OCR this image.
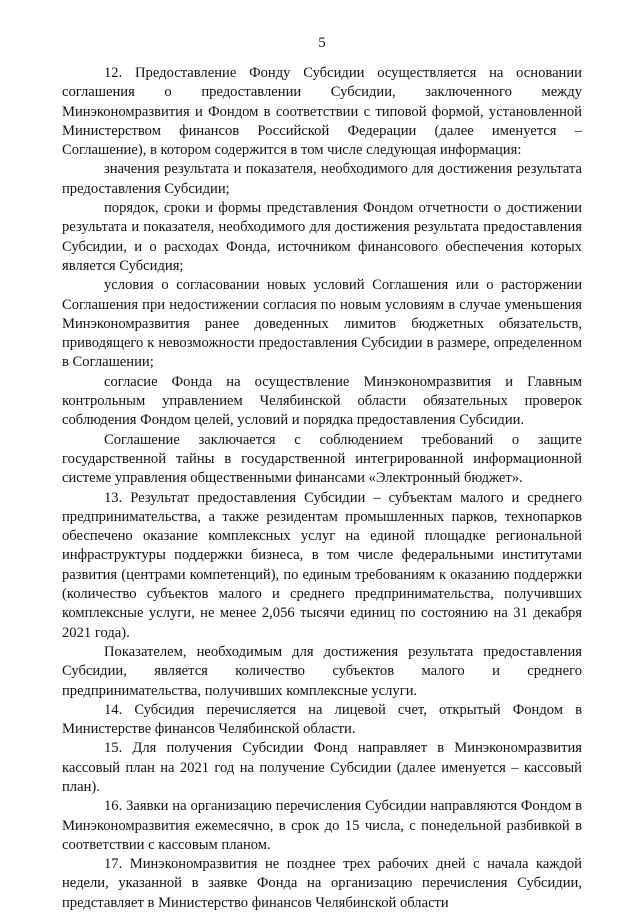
5

12. Предоставление Фонду Субсидии осуществляется на основании соглашения о предоставлении Субсидии, заключенного между Минэкономразвития и Фондом в соответствии с типовой формой, установленной Министерством финансов Российской Федерации (далее именуется – Соглашение), в котором содержится в том числе следующая информация:

значения результата и показателя, необходимого для достижения результата предоставления Субсидии;

порядок, сроки и формы представления Фондом отчетности о достижении результата и показателя, необходимого для достижения результата предоставления Субсидии, и о расходах Фонда, источником финансового обеспечения которых является Субсидия;

условия о согласовании новых условий Соглашения или о расторжении Соглашения при недостижении согласия по новым условиям в случае уменьшения Минэкономразвития ранее доведенных лимитов бюджетных обязательств, приводящего к невозможности предоставления Субсидии в размере, определенном в Соглашении;

согласие Фонда на осуществление Минэкономразвития и Главным контрольным управлением Челябинской области обязательных проверок соблюдения Фондом целей, условий и порядка предоставления Субсидии.

Соглашение заключается с соблюдением требований о защите государственной тайны в государственной интегрированной информационной системе управления общественными финансами «Электронный бюджет».

13. Результат предоставления Субсидии – субъектам малого и среднего предпринимательства, а также резидентам промышленных парков, технопарков обеспечено оказание комплексных услуг на единой площадке региональной инфраструктуры поддержки бизнеса, в том числе федеральными институтами развития (центрами компетенций), по единым требованиям к оказанию поддержки (количество субъектов малого и среднего предпринимательства, получивших комплексные услуги, не менее 2,056 тысячи единиц по состоянию на 31 декабря 2021 года).

Показателем, необходимым для достижения результата предоставления Субсидии, является количество субъектов малого и среднего предпринимательства, получивших комплексные услуги.

14. Субсидия перечисляется на лицевой счет, открытый Фондом в Министерстве финансов Челябинской области.

15. Для получения Субсидии Фонд направляет в Минэкономразвития кассовый план на 2021 год на получение Субсидии (далее именуется – кассовый план).

16. Заявки на организацию перечисления Субсидии направляются Фондом в Минэкономразвития ежемесячно, в срок до 15 числа, с понедельной разбивкой в соответствии с кассовым планом.

17. Минэкономразвития не позднее трех рабочих дней с начала каждой недели, указанной в заявке Фонда на организацию перечисления Субсидии, представляет в Министерство финансов Челябинской области
